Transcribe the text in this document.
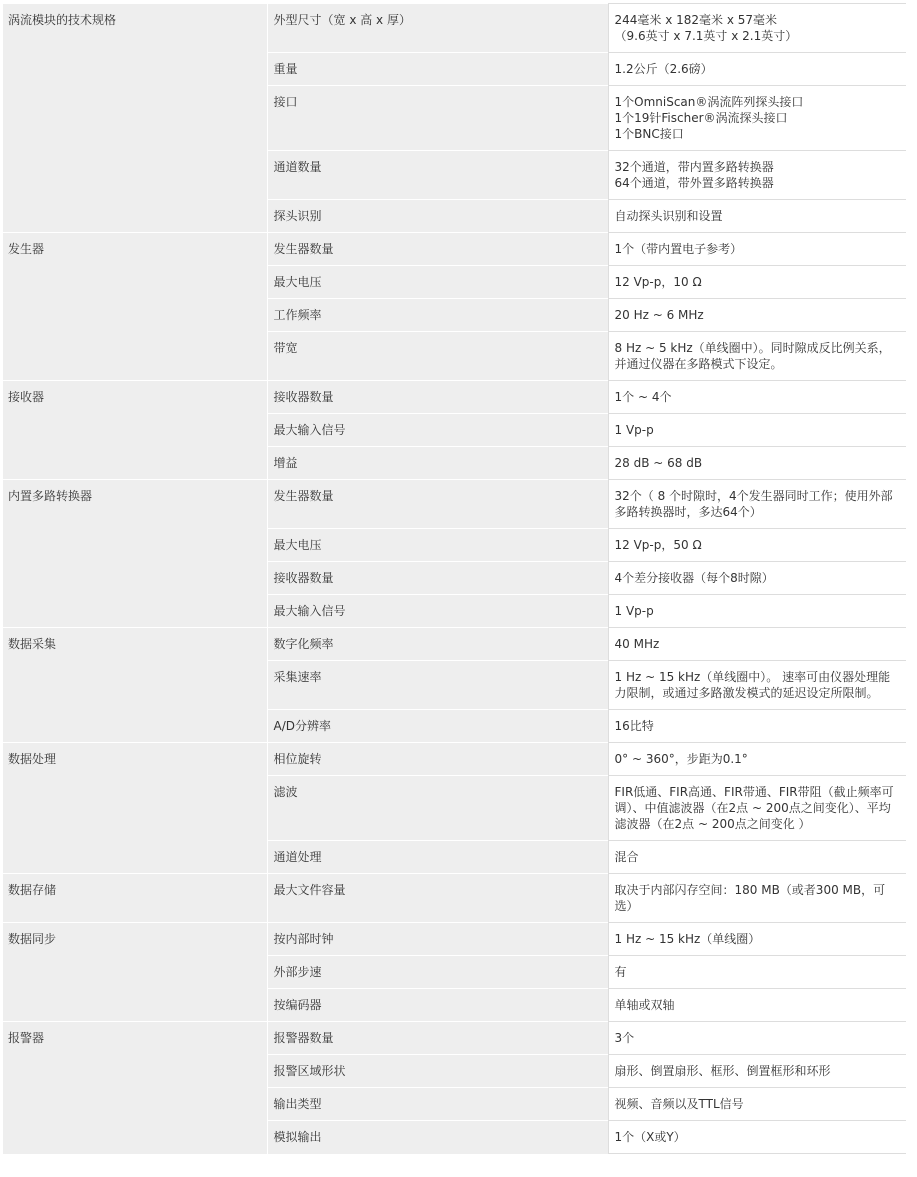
涡流模块的技术规格	外型尺寸（宽 x 高 x 厚）	244毫米 x 182毫米 x 57毫米
（9.6英寸 x 7.1英寸 x 2.1英寸）

	重量	1.2公斤（2.6磅）

	接口	1个OmniScan®涡流阵列探头接口
1个19针Fischer®涡流探头接口
1个BNC接口

	通道数量	32个通道，带内置多路转换器
64个通道，带外置多路转换器

	探头识别	自动探头识别和设置

发生器	发生器数量	1个（带内置电子参考）

	最大电压	12 Vp-p，10 Ω

	工作频率	20 Hz ~ 6 MHz

	带宽	8 Hz ~ 5 kHz（单线圈中）。同时隙成反比例关系，并通过仪器在多路模式下设定。

接收器	接收器数量	1个 ~ 4个

	最大输入信号	1 Vp-p

	增益	28 dB ~ 68 dB

内置多路转换器	发生器数量	32个（ 8 个时隙时，4个发生器同时工作；使用外部多路转换器时，多达64个）

	最大电压	12 Vp-p，50 Ω

	接收器数量	4个差分接收器（每个8时隙）

	最大输入信号	1 Vp-p

数据采集	数字化频率	40 MHz

	采集速率	1 Hz ~ 15 kHz（单线圈中）。 速率可由仪器处理能力限制，或通过多路激发模式的延迟设定所限制。

	A/D分辨率	16比特

数据处理	相位旋转	0° ~ 360°，步距为0.1°

	滤波	FIR低通、FIR高通、FIR带通、FIR带阻（截止频率可调）、中值滤波器（在2点 ~ 200点之间变化）、平均滤波器（在2点 ~ 200点之间变化 ）

	通道处理	混合

数据存储	最大文件容量	取决于内部闪存空间：180 MB（或者300 MB，可选）

数据同步	按内部时钟	1 Hz ~ 15 kHz（单线圈）

	外部步速	有

	按编码器	单轴或双轴

报警器	报警器数量	3个

	报警区域形状	扇形、倒置扇形、框形、倒置框形和环形

	输出类型	视频、音频以及TTL信号

	模拟输出	1个（X或Y）
